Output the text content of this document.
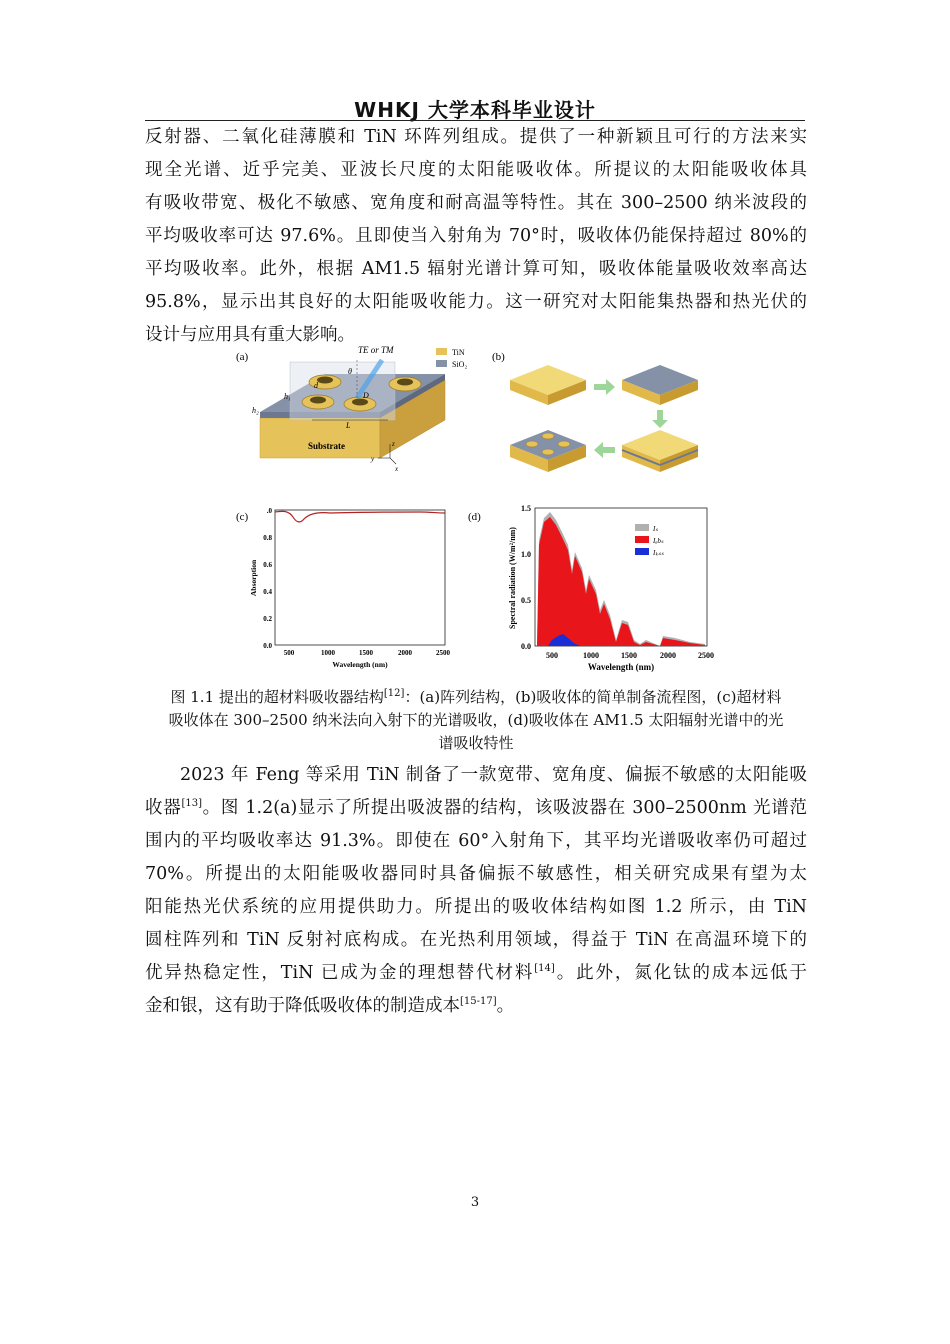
WHKJ 大学本科毕业设计
反射器、二氧化硅薄膜和 TiN 环阵列组成。提供了一种新颖且可行的方法来实
现全光谱、近乎完美、亚波长尺度的太阳能吸收体。所提议的太阳能吸收体具
有吸收带宽、极化不敏感、宽角度和耐高温等特性。其在 300–2500 纳米波段的
平均吸收率可达 97.6%。且即使当入射角为 70°时，吸收体仍能保持超过 80%的
平均吸收率。此外，根据 AM1.5 辐射光谱计算可知，吸收体能量吸收效率高达
95.8%，显示出其良好的太阳能吸收能力。这一研究对太阳能集热器和热光伏的
设计与应用具有重大影响。
(a)
TE or TM
θ
TiN
SiO₂
h₁
h₂
d
D
L
Substrate	z
y
x
(b)
(c)	.0
0.8
0.6
0.4
0.2
0.0
500	1000	1500	2000	2500
Wavelength (nm)
Absorption
(d)
1.5
1.0
0.5
0.0
500	1000	1500	2000	2500
Wavelength (nm)
Spectral radiation (W/m²/nm)	Iₛ
Iₐbₛ
Iₗₒₛₛ
图 1.1 提出的超材料吸收器结构[12]：(a)阵列结构，(b)吸收体的简单制备流程图，(c)超材料
吸收体在 300–2500 纳米法向入射下的光谱吸收，(d)吸收体在 AM1.5 太阳辐射光谱中的光
谱吸收特性
2023 年 Feng 等采用 TiN 制备了一款宽带、宽角度、偏振不敏感的太阳能吸
收器[13]。图 1.2(a)显示了所提出吸波器的结构，该吸波器在 300–2500nm 光谱范
围内的平均吸收率达 91.3%。即使在 60°入射角下，其平均光谱吸收率仍可超过
70%。所提出的太阳能吸收器同时具备偏振不敏感性，相关研究成果有望为太
阳能热光伏系统的应用提供助力。所提出的吸收体结构如图 1.2 所示，由 TiN
圆柱阵列和 TiN 反射衬底构成。在光热利用领域，得益于 TiN 在高温环境下的
优异热稳定性，TiN 已成为金的理想替代材料[14]。此外，氮化钛的成本远低于
金和银，这有助于降低吸收体的制造成本[15-17]。
3
